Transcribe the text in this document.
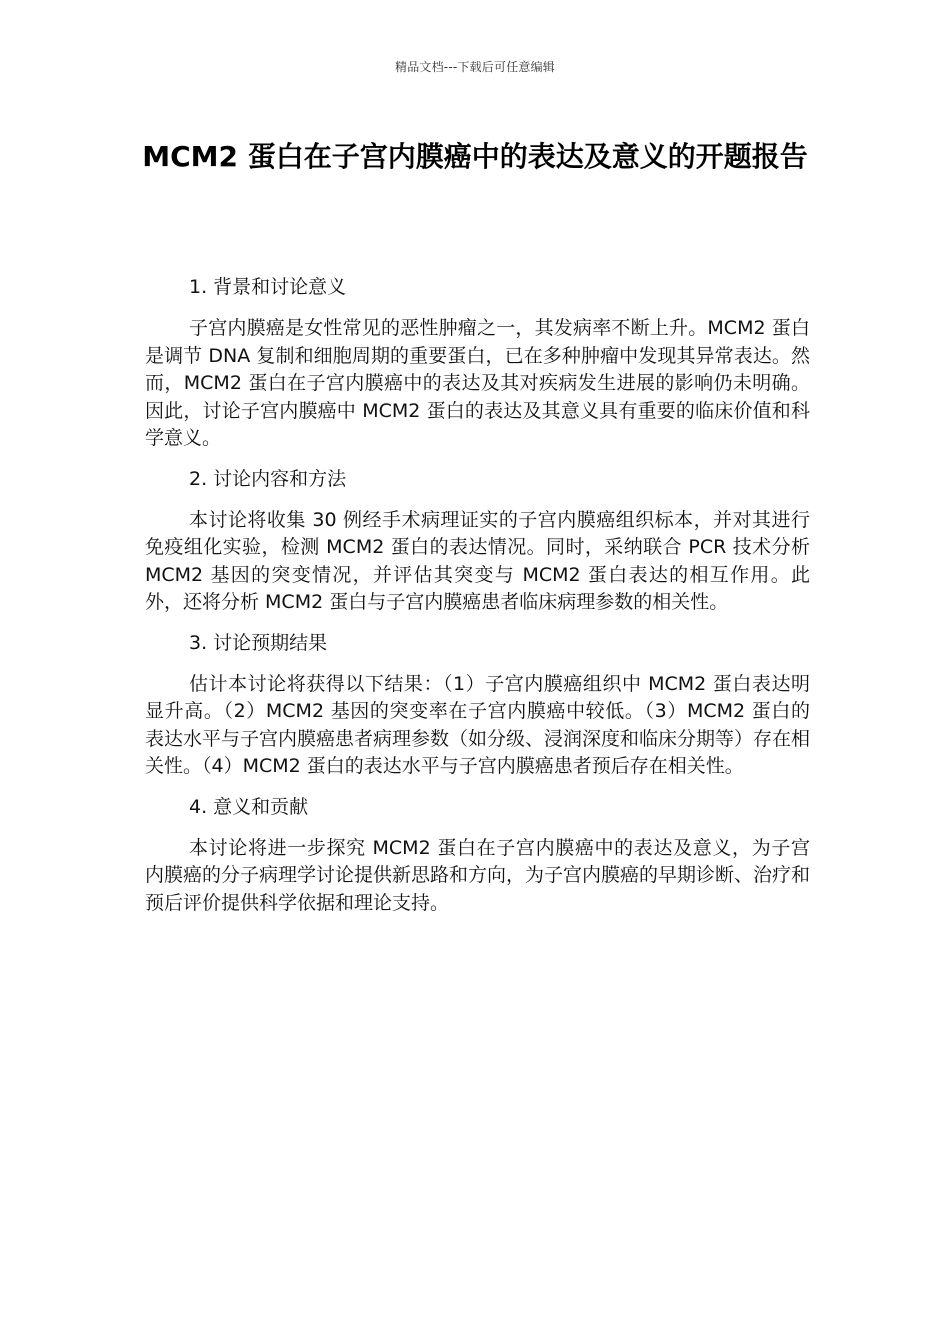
精品文档---下载后可任意编辑
MCM2 蛋白在子宫内膜癌中的表达及意义的开题报告
1. 背景和讨论意义

子宫内膜癌是女性常见的恶性肿瘤之一，其发病率不断上升。MCM2 蛋白是调节 DNA 复制和细胞周期的重要蛋白，已在多种肿瘤中发现其异常表达。然而，MCM2 蛋白在子宫内膜癌中的表达及其对疾病发生进展的影响仍未明确。因此，讨论子宫内膜癌中 MCM2 蛋白的表达及其意义具有重要的临床价值和科学意义。

2. 讨论内容和方法

本讨论将收集 30 例经手术病理证实的子宫内膜癌组织标本，并对其进行免疫组化实验，检测 MCM2 蛋白的表达情况。同时，采纳联合 PCR 技术分析 MCM2 基因的突变情况，并评估其突变与 MCM2 蛋白表达的相互作用。此外，还将分析 MCM2 蛋白与子宫内膜癌患者临床病理参数的相关性。

3. 讨论预期结果

估计本讨论将获得以下结果：（1）子宫内膜癌组织中 MCM2 蛋白表达明显升高。（2）MCM2 基因的突变率在子宫内膜癌中较低。（3）MCM2 蛋白的表达水平与子宫内膜癌患者病理参数（如分级、浸润深度和临床分期等）存在相关性。（4）MCM2 蛋白的表达水平与子宫内膜癌患者预后存在相关性。

4. 意义和贡献

本讨论将进一步探究 MCM2 蛋白在子宫内膜癌中的表达及意义，为子宫内膜癌的分子病理学讨论提供新思路和方向，为子宫内膜癌的早期诊断、治疗和预后评价提供科学依据和理论支持。
